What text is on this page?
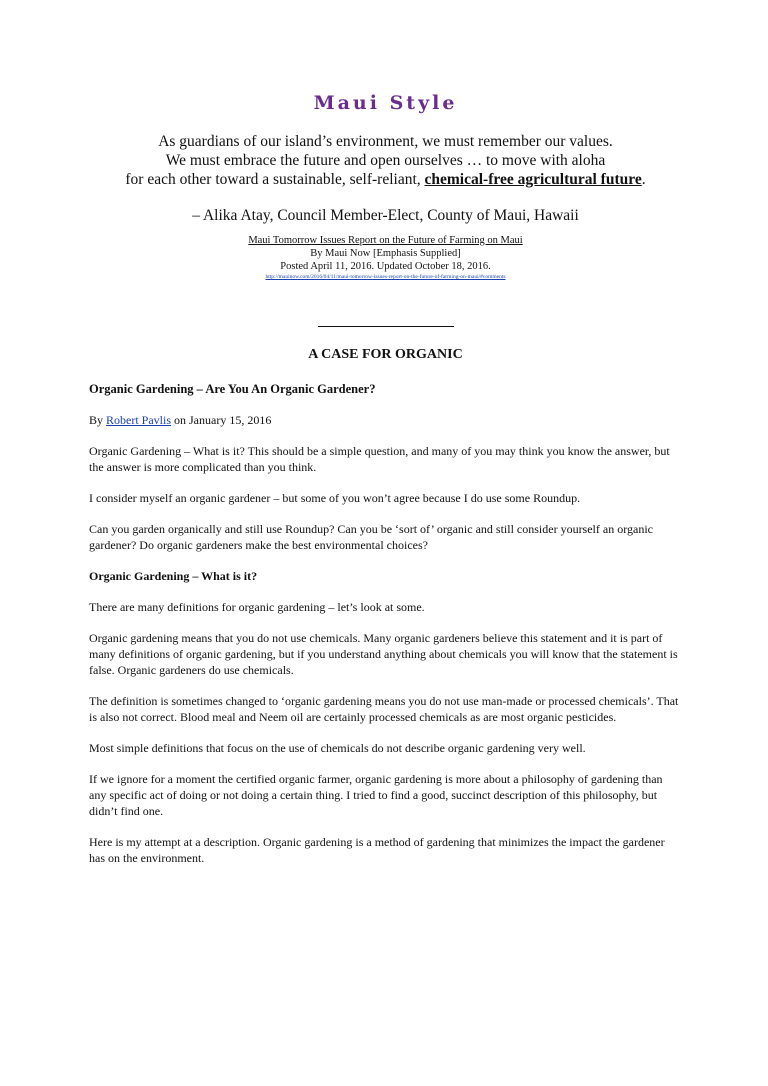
Maui Style
As guardians of our island’s environment, we must remember our values.
We must embrace the future and open ourselves … to move with aloha
for each other toward a sustainable, self-reliant, chemical-free agricultural future.
– Alika Atay, Council Member-Elect, County of Maui, Hawaii
Maui Tomorrow Issues Report on the Future of Farming on Maui
By Maui Now [Emphasis Supplied]
Posted April 11, 2016. Updated October 18, 2016.
http://mauinow.com/2016/04/11/maui-tomorrow-issues-report-on-the-future-of-farming-on-maui/#comments
A CASE FOR ORGANIC
Organic Gardening – Are You An Organic Gardener?
By Robert Pavlis on January 15, 2016
Organic Gardening – What is it? This should be a simple question, and many of you may think you know the answer, but the answer is more complicated than you think.
I consider myself an organic gardener – but some of you won’t agree because I do use some Roundup.
Can you garden organically and still use Roundup? Can you be ‘sort of’ organic and still consider yourself an organic gardener? Do organic gardeners make the best environmental choices?
Organic Gardening – What is it?
There are many definitions for organic gardening – let’s look at some.
Organic gardening means that you do not use chemicals. Many organic gardeners believe this statement and it is part of many definitions of organic gardening, but if you understand anything about chemicals you will know that the statement is false. Organic gardeners do use chemicals.
The definition is sometimes changed to ‘organic gardening means you do not use man-made or processed chemicals’. That is also not correct. Blood meal and Neem oil are certainly processed chemicals as are most organic pesticides.
Most simple definitions that focus on the use of chemicals do not describe organic gardening very well.
If we ignore for a moment the certified organic farmer, organic gardening is more about a philosophy of gardening than any specific act of doing or not doing a certain thing. I tried to find a good, succinct description of this philosophy, but didn’t find one.
Here is my attempt at a description. Organic gardening is a method of gardening that minimizes the impact the gardener has on the environment.
